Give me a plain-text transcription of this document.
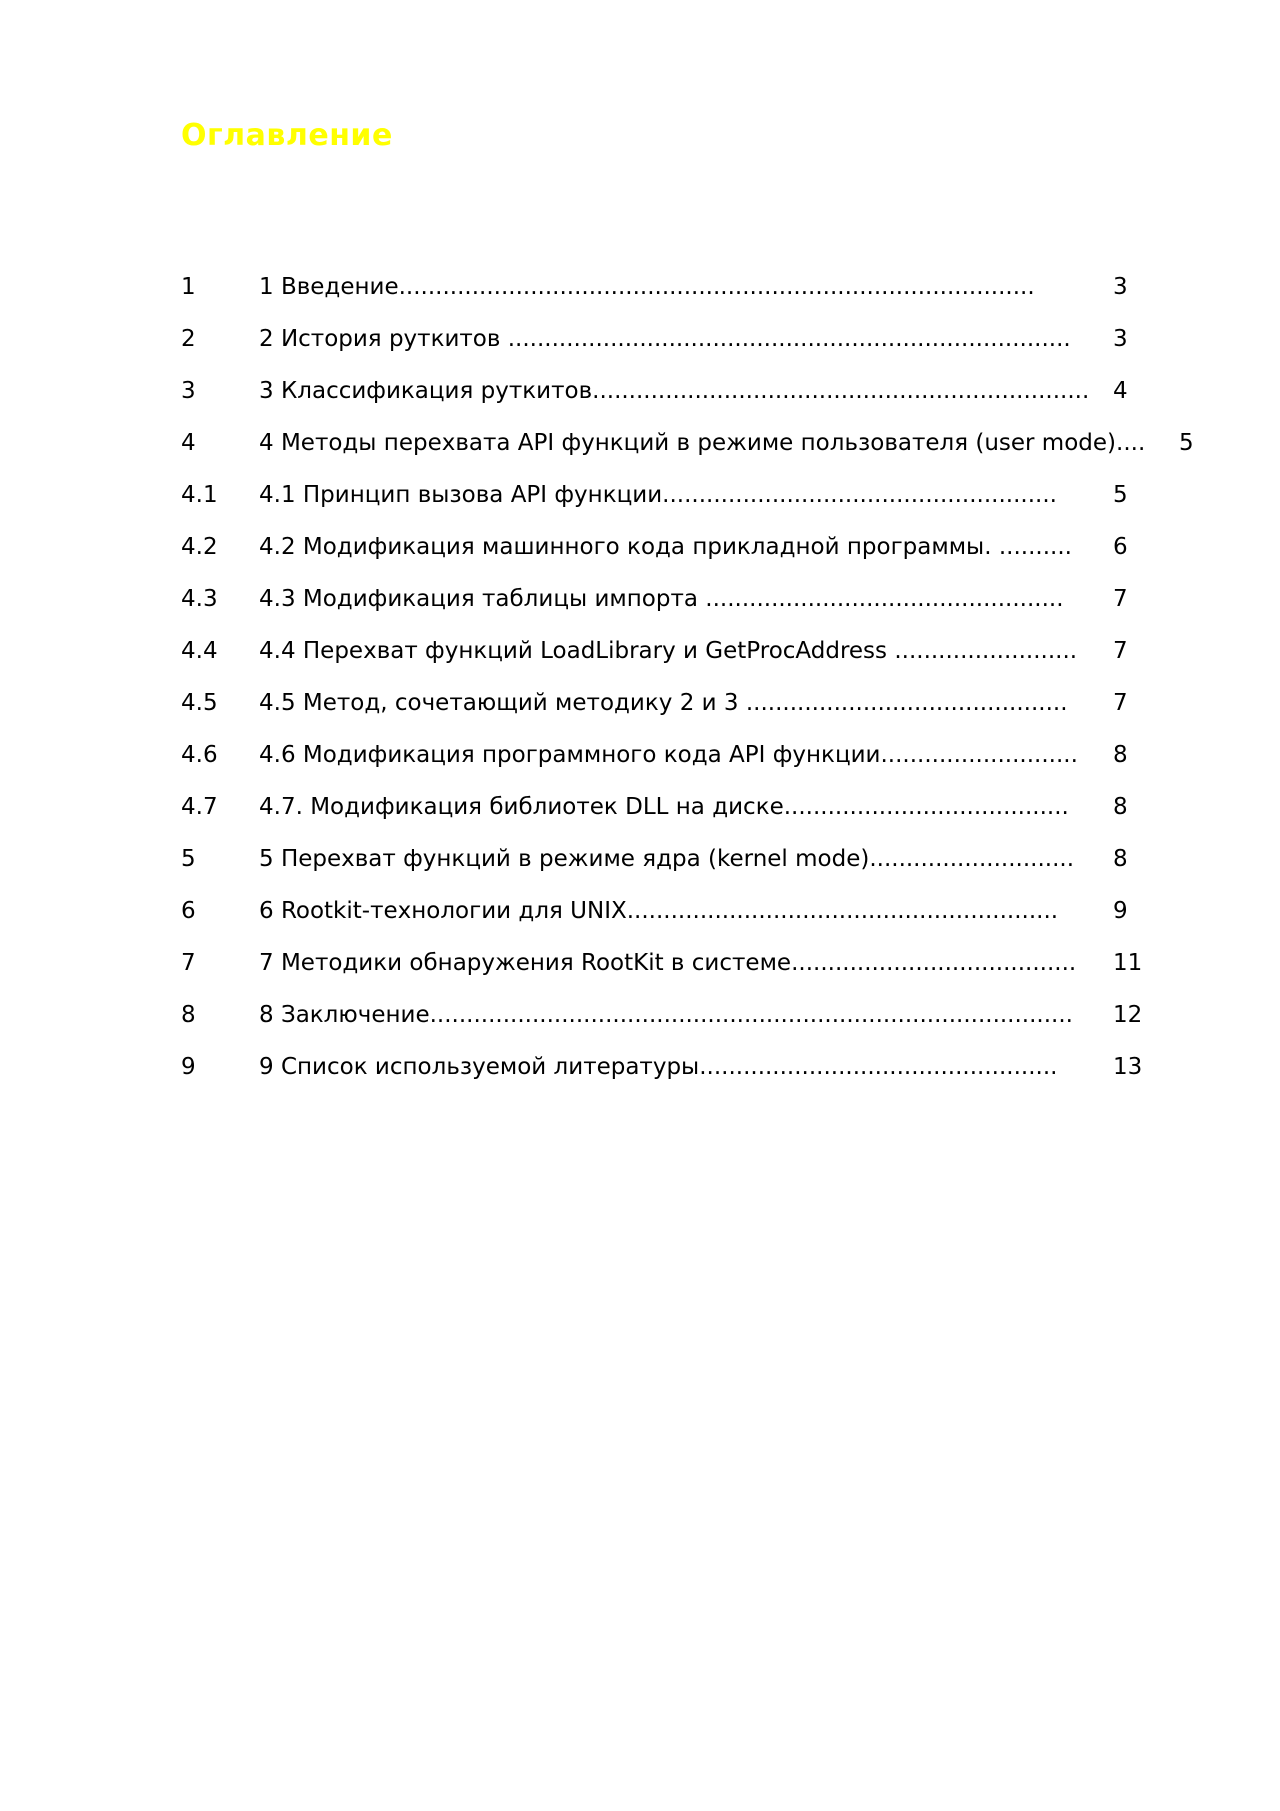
Оглавление
1	1 Введение.......................................................................................	3
2	2 История руткитов ............................................................................. 3
3	3 Классификация руткитов.................................................................... 4
4	4 Методы перехвата API функций в режиме пользователя (user mode).... 5
4.1 4.1 Принцип вызова API функции...................................................... 5
4.2 4.2 Модификация машинного кода прикладной программы. .......... 6
4.3 4.3 Модификация таблицы импорта ................................................. 7
4.4 4.4 Перехват функций LoadLibrary и GetProcAddress ......................... 7
4.5 4.5 Метод, сочетающий методику 2 и 3 ............................................ 7
4.6 4.6 Модификация программного кода API функции........................... 8
4.7 4.7. Модификация библиотек DLL на диске....................................... 8
5	5 Перехват функций в режиме ядра (kernel mode)............................ 8
6	6 Rootkit-технологии для UNIX........................................................... 9
7	7 Методики обнаружения RootKit в системе....................................... 11
8	8 Заключение........................................................................................ 12
9	9 Список используемой литературы................................................. 13
